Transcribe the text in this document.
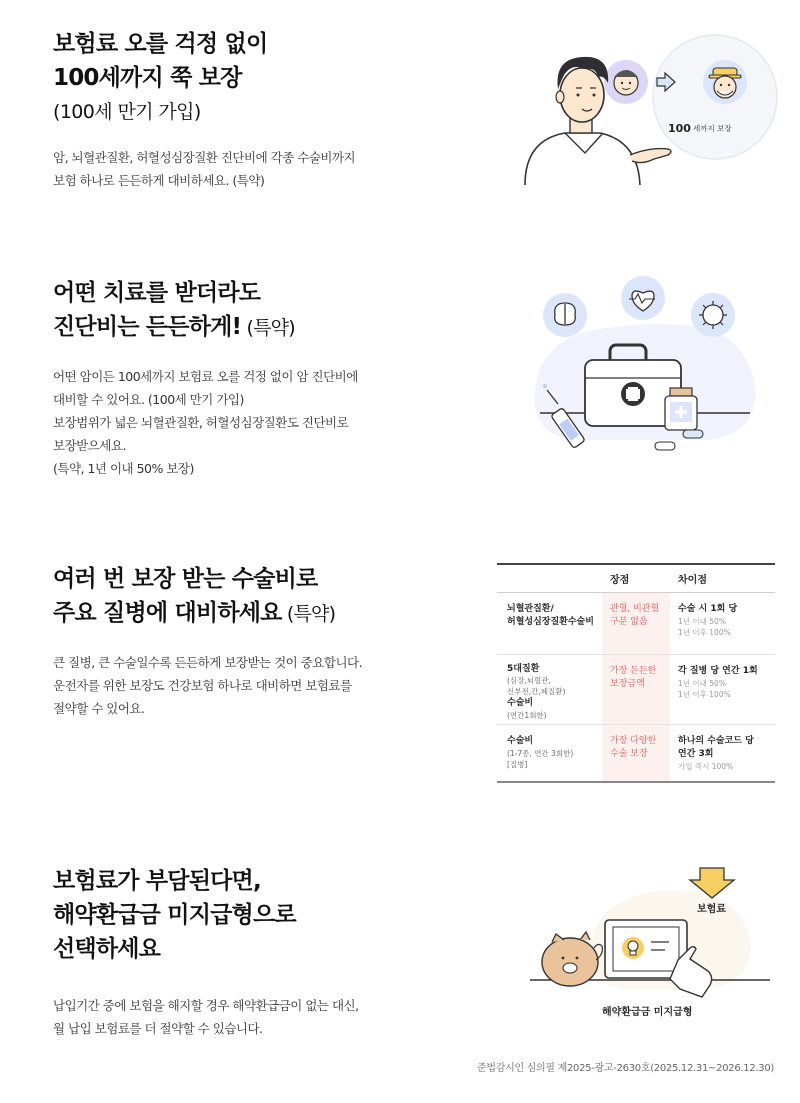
보험료 오를 걱정 없이
100세까지 쭉 보장
(100세 만기 가입)

암, 뇌혈관질환, 허혈성심장질환 진단비에 각종 수술비까지

보험 하나로 든든하게 대비하세요. (특약)

100 세까지 보장
어떤 치료를 받더라도
진단비는 든든하게! (특약)

어떤 암이든 100세까지 보험료 오를 걱정 없이 암 진단비에

대비할 수 있어요. (100세 만기 가입)

보장범위가 넓은 뇌혈관질환, 허혈성심장질환도 진단비로

보장받으세요.

(특약, 1년 이내 50% 보장)

여러 번 보장 받는 수술비로
주요 질병에 대비하세요 (특약)

큰 질병, 큰 수술일수록 든든하게 보장받는 것이 중요합니다.

운전자를 위한 보장도 건강보험 하나로 대비하면 보험료를

절약할 수 있어요.

장점	차이점
뇌혈관질환/
허혈성심장질환수술비
관혈, 비관혈
구분 없음
수술 시 1회 당
1년 이내 50%
1년 이후 100%
5대질환
(심장,뇌혈관,
신부전,간,폐질환)
수술비
(연간1회한)
가장 든든한
보장금액
각 질병 당 연간 1회
1년 이내 50%
1년 이후 100%
수술비
(1-7종, 연간 3회한)
[질병]
가장 다양한
수술 보장
하나의 수술코드 당
연간 3회
가입 즉시 100%
보험료가 부담된다면,
해약환급금 미지급형으로
선택하세요

납입기간 중에 보험을 해지할 경우 해약환급금이 없는 대신,

월 납입 보험료를 더 절약할 수 있습니다.

보험료
해약환급금 미지급형
준법감시인 심의필 제2025-광고-2630호(2025.12.31~2026.12.30)
